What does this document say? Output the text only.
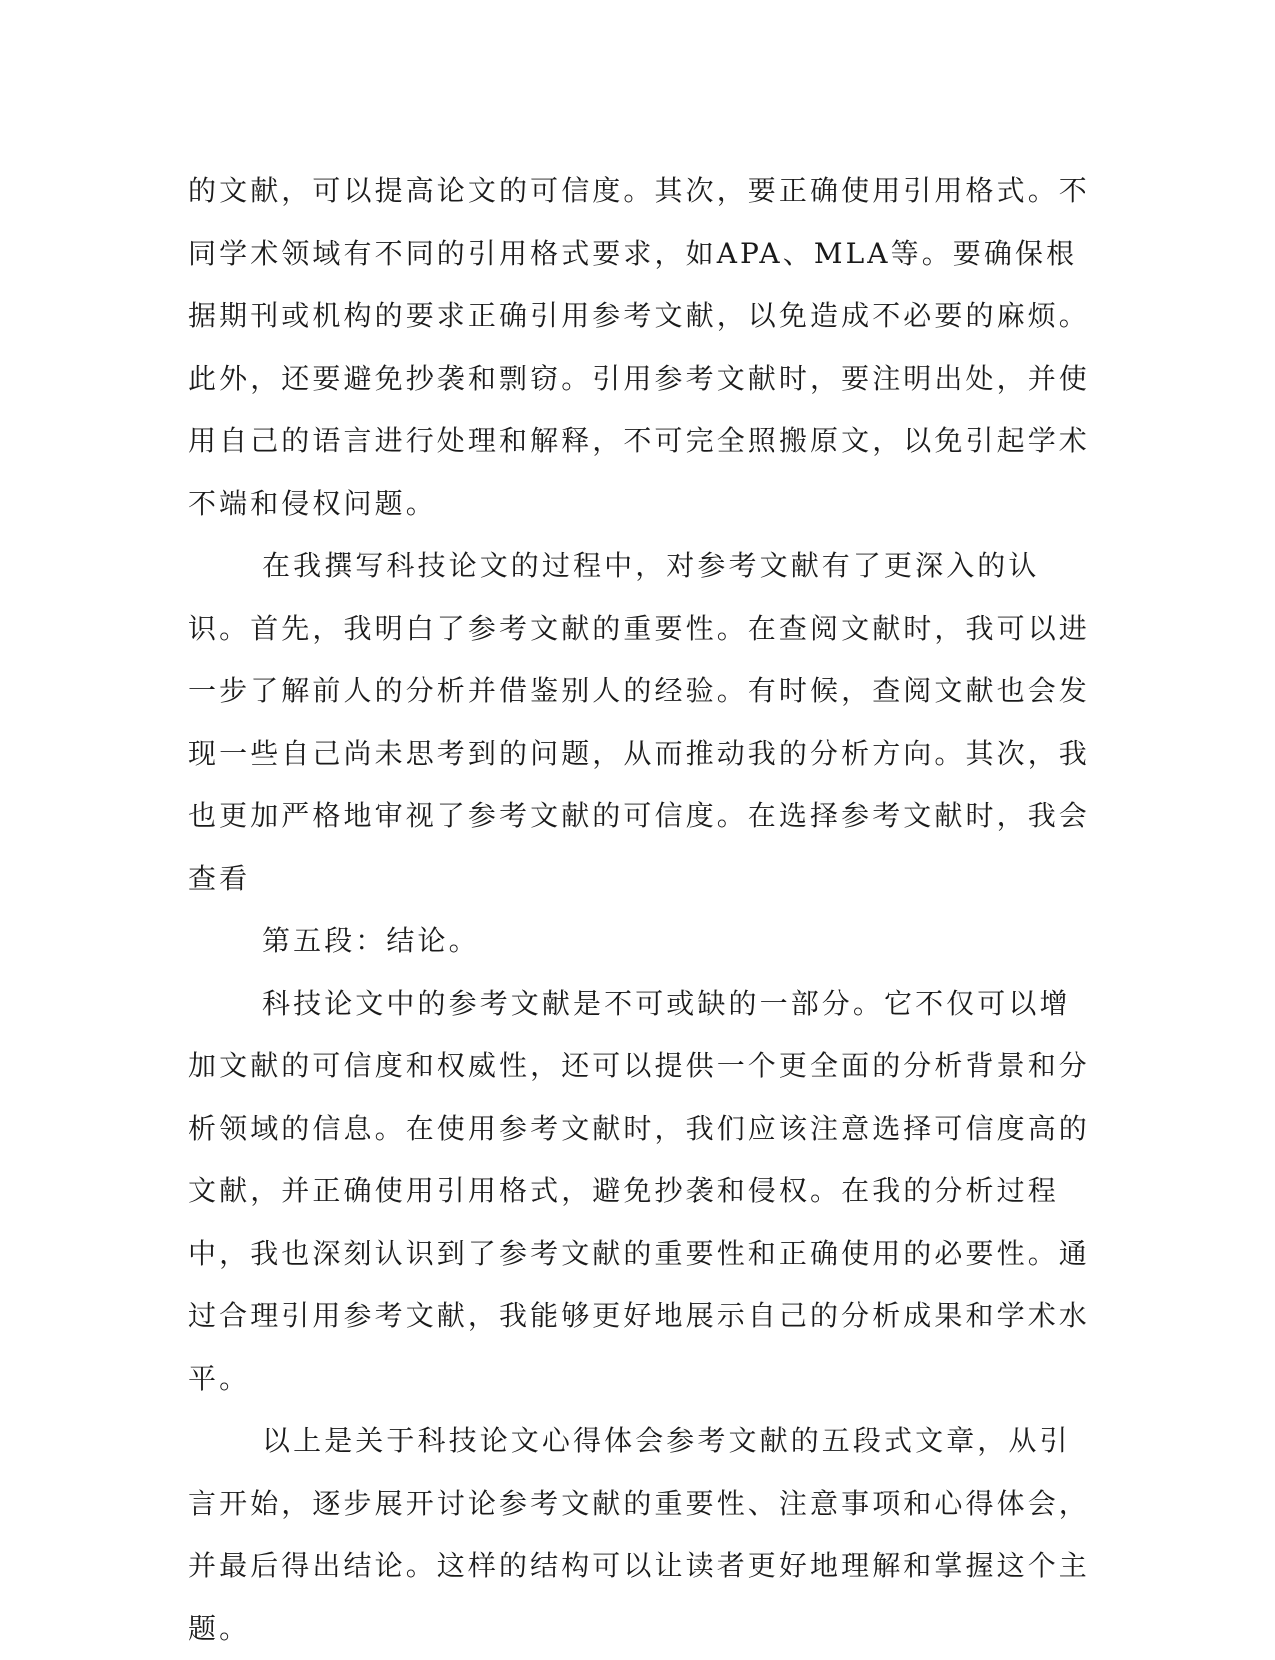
的文献，可以提高论文的可信度。其次，要正确使用引用格式。不同学术领域有不同的引用格式要求，如APA、MLA等。要确保根据期刊或机构的要求正确引用参考文献，以免造成不必要的麻烦。此外，还要避免抄袭和剽窃。引用参考文献时，要注明出处，并使用自己的语言进行处理和解释，不可完全照搬原文，以免引起学术不端和侵权问题。

在我撰写科技论文的过程中，对参考文献有了更深入的认识。首先，我明白了参考文献的重要性。在查阅文献时，我可以进一步了解前人的分析并借鉴别人的经验。有时候，查阅文献也会发现一些自己尚未思考到的问题，从而推动我的分析方向。其次，我也更加严格地审视了参考文献的可信度。在选择参考文献时，我会查看

第五段：结论。

科技论文中的参考文献是不可或缺的一部分。它不仅可以增加文献的可信度和权威性，还可以提供一个更全面的分析背景和分析领域的信息。在使用参考文献时，我们应该注意选择可信度高的文献，并正确使用引用格式，避免抄袭和侵权。在我的分析过程中，我也深刻认识到了参考文献的重要性和正确使用的必要性。通过合理引用参考文献，我能够更好地展示自己的分析成果和学术水平。

以上是关于科技论文心得体会参考文献的五段式文章，从引言开始，逐步展开讨论参考文献的重要性、注意事项和心得体会，并最后得出结论。这样的结构可以让读者更好地理解和掌握这个主题。
